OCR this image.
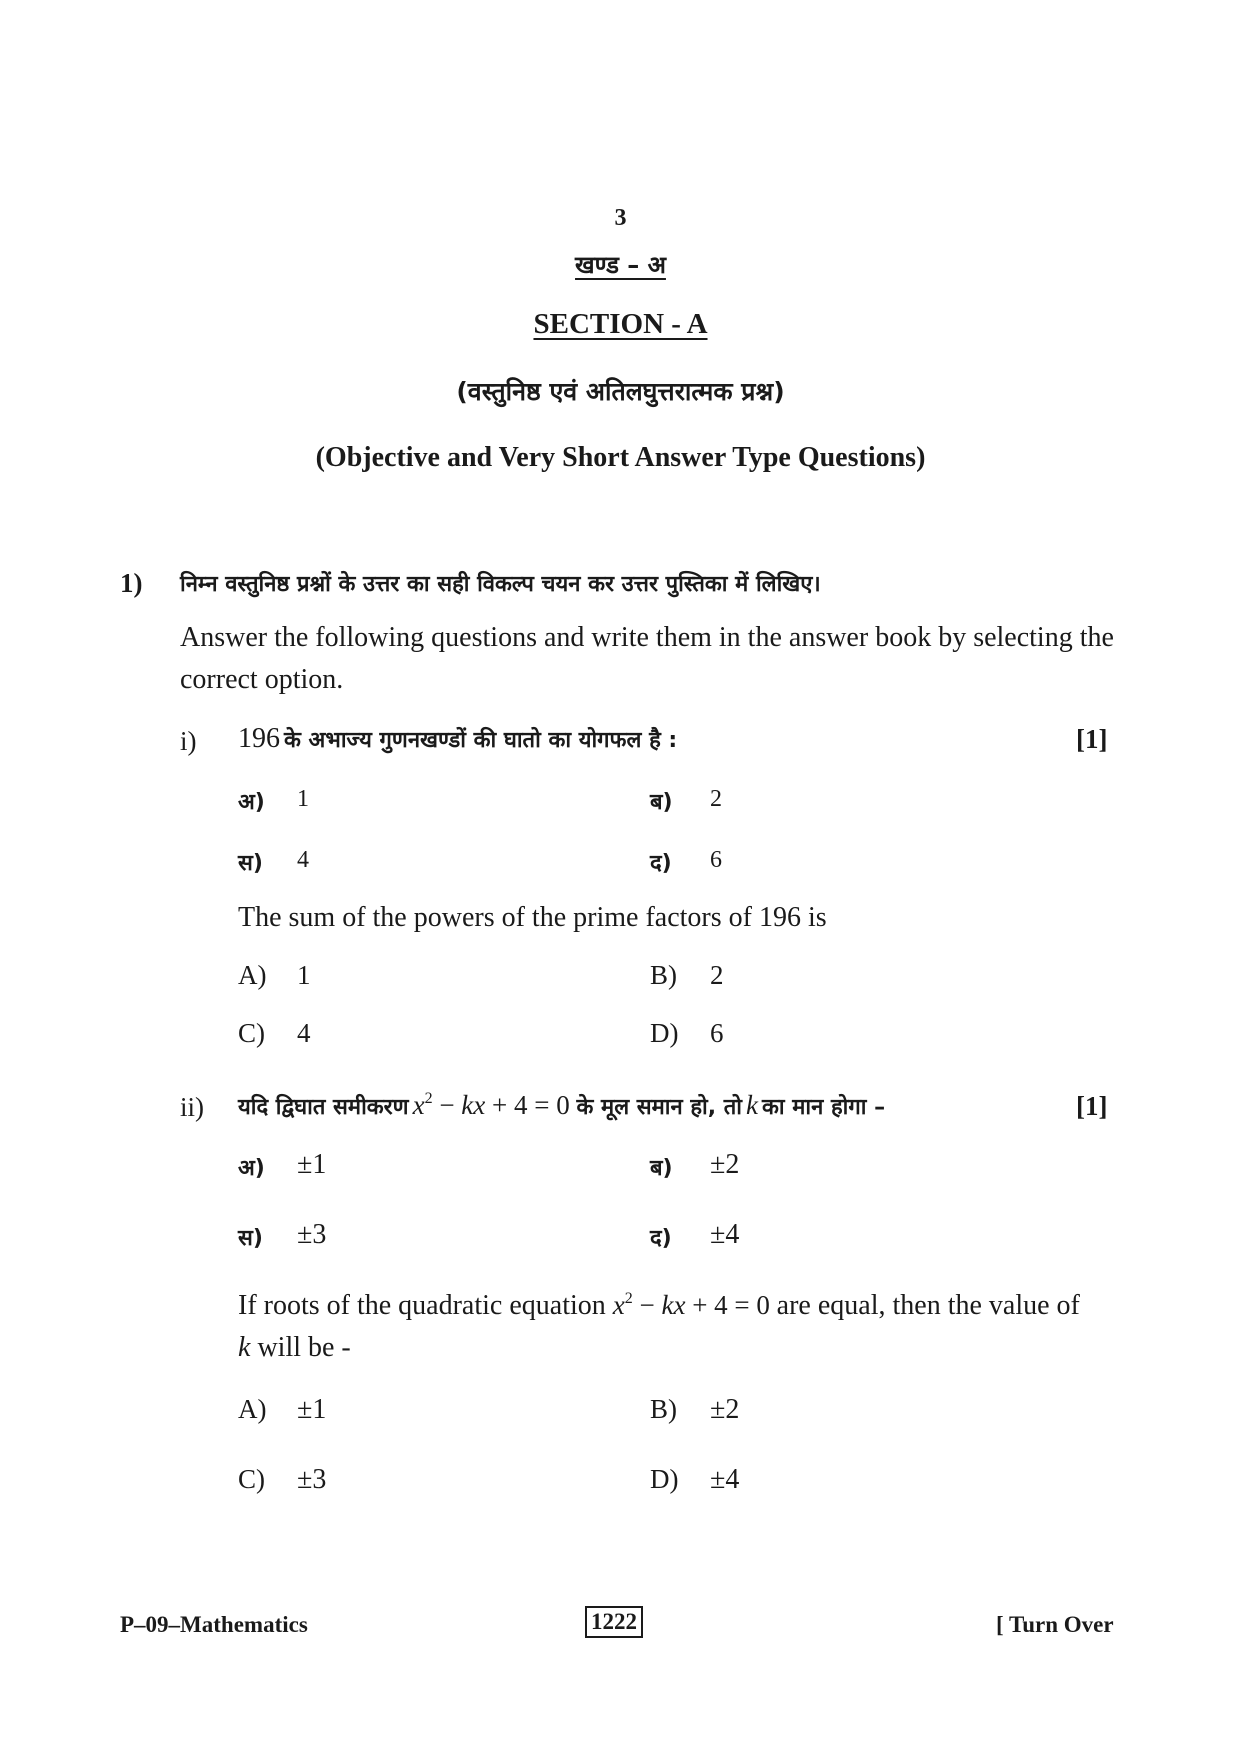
3
खण्ड – अ
SECTION - A
(वस्तुनिष्ठ एवं अतिलघुत्तरात्मक प्रश्न)
(Objective and Very Short Answer Type Questions)
1) निम्न वस्तुनिष्ठ प्रश्नों के उत्तर का सही विकल्प चयन कर उत्तर पुस्तिका में लिखिए।
Answer the following questions and write them in the answer book by selecting the
correct option.
i) 196 के अभाज्य गुणनखण्डों की घातो का योगफल है :	[1]
अ) 1	ब) 2
स) 4	द) 6
The sum of the powers of the prime factors of 196 is
A) 1	B) 2
C) 4	D) 6
ii) यदि द्विघात समीकरण $x^2$ − kx + 4 = 0 के मूल समान हो, तो k का मान होगा –	[1]
अ) ±1	ब) ±2
स) ±3	द) ±4
If roots of the quadratic equation $x^2$ − kx + 4 = 0 are equal, then the value of
k will be -
A) ±1	B) ±2
C) ±3	D) ±4
P–09–Mathematics	1222	[ Turn Over
